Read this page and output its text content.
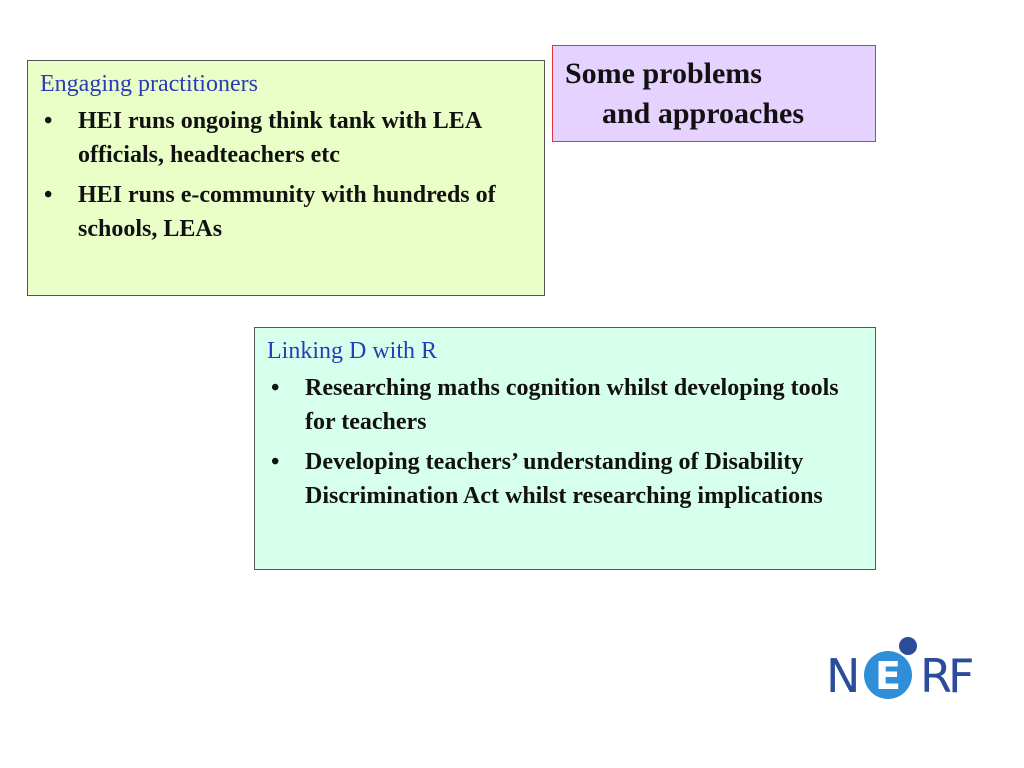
Engaging practitioners
• HEI runs ongoing think tank with LEA officials, headteachers etc
• HEI runs e-community with hundreds of schools, LEAs
Some problems
and approaches
Linking D with R
• Researching maths cognition whilst developing tools for teachers
• Developing teachers’ understanding of Disability Discrimination Act whilst researching implications
N E R
F
